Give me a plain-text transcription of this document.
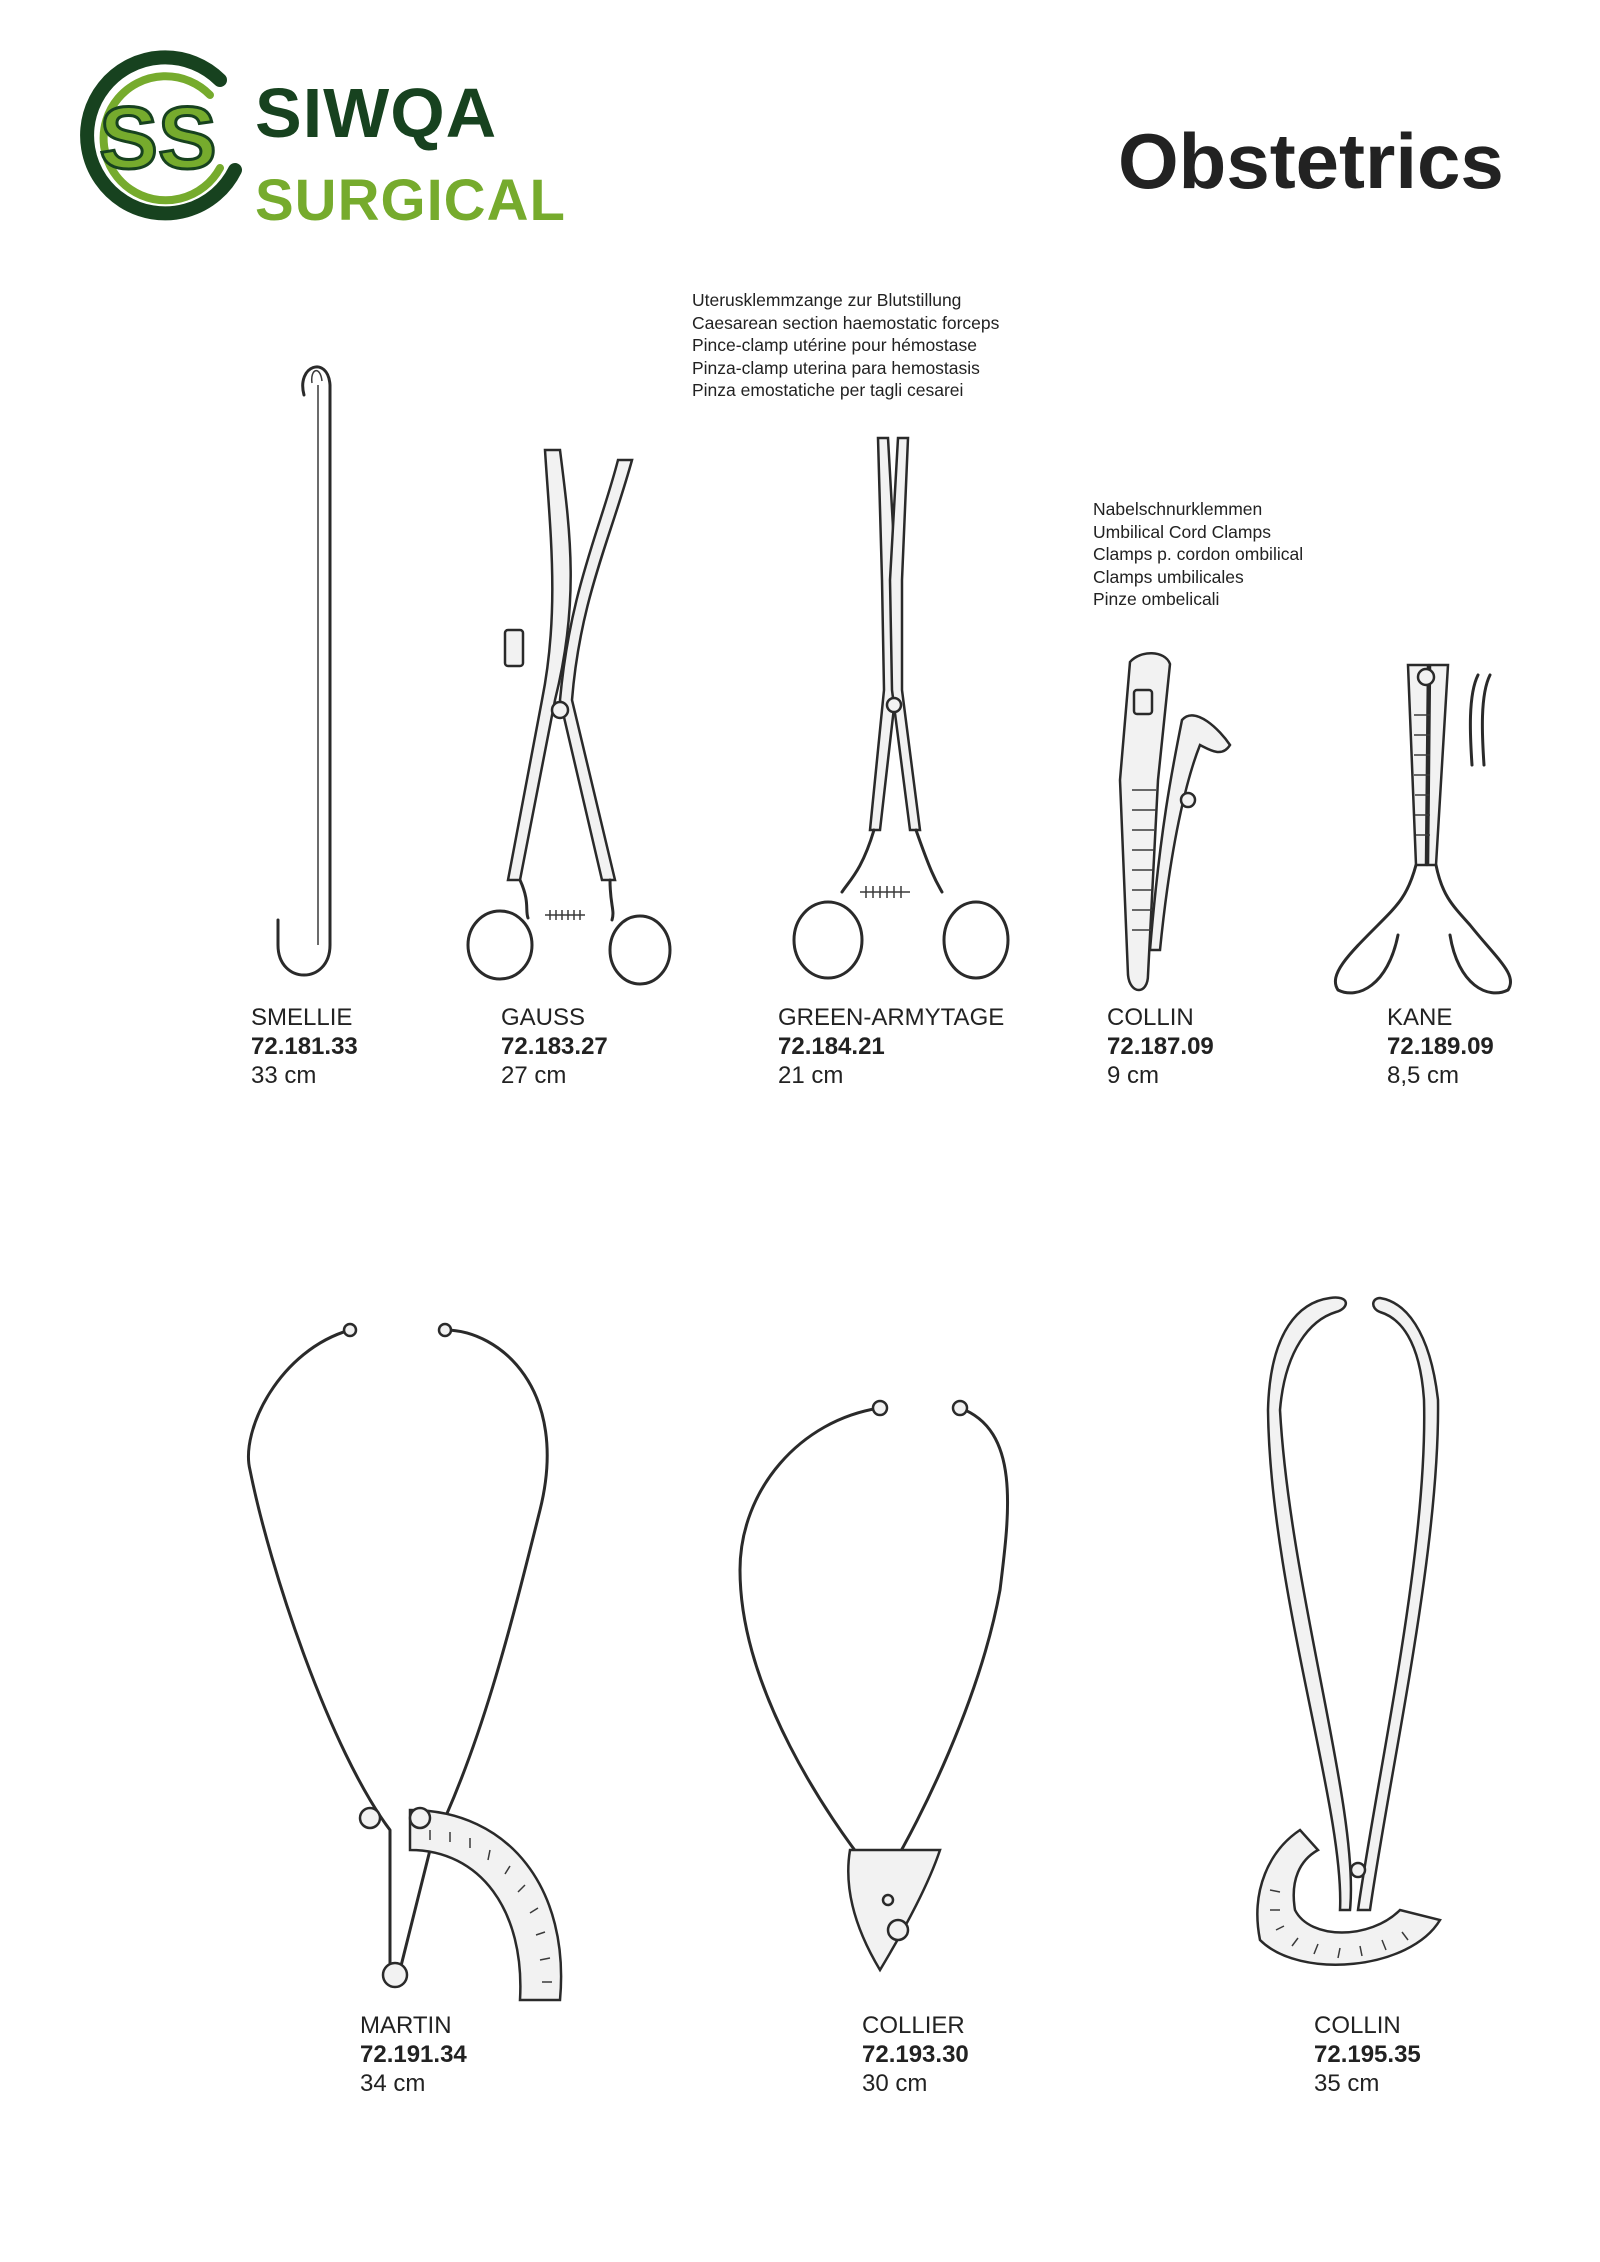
SS SIWQA
SURGICAL	Obstetrics
Uterusklemmzange zur Blutstillung
Caesarean section haemostatic forceps
Pince-clamp utérine pour hémostase
Pinza-clamp uterina para hemostasis
Pinza emostatiche per tagli cesarei
Nabelschnurklemmen
Umbilical Cord Clamps
Clamps p. cordon ombilical
Clamps umbilicales
Pinze ombelicali
SMELLIE
72.181.33
33 cm
GAUSS
72.183.27
27 cm
GREEN-ARMYTAGE
72.184.21
21 cm
COLLIN
72.187.09
9 cm
KANE
72.189.09
8,5 cm
MARTIN
72.191.34
34 cm
COLLIER
72.193.30
30 cm
COLLIN
72.195.35
35 cm
